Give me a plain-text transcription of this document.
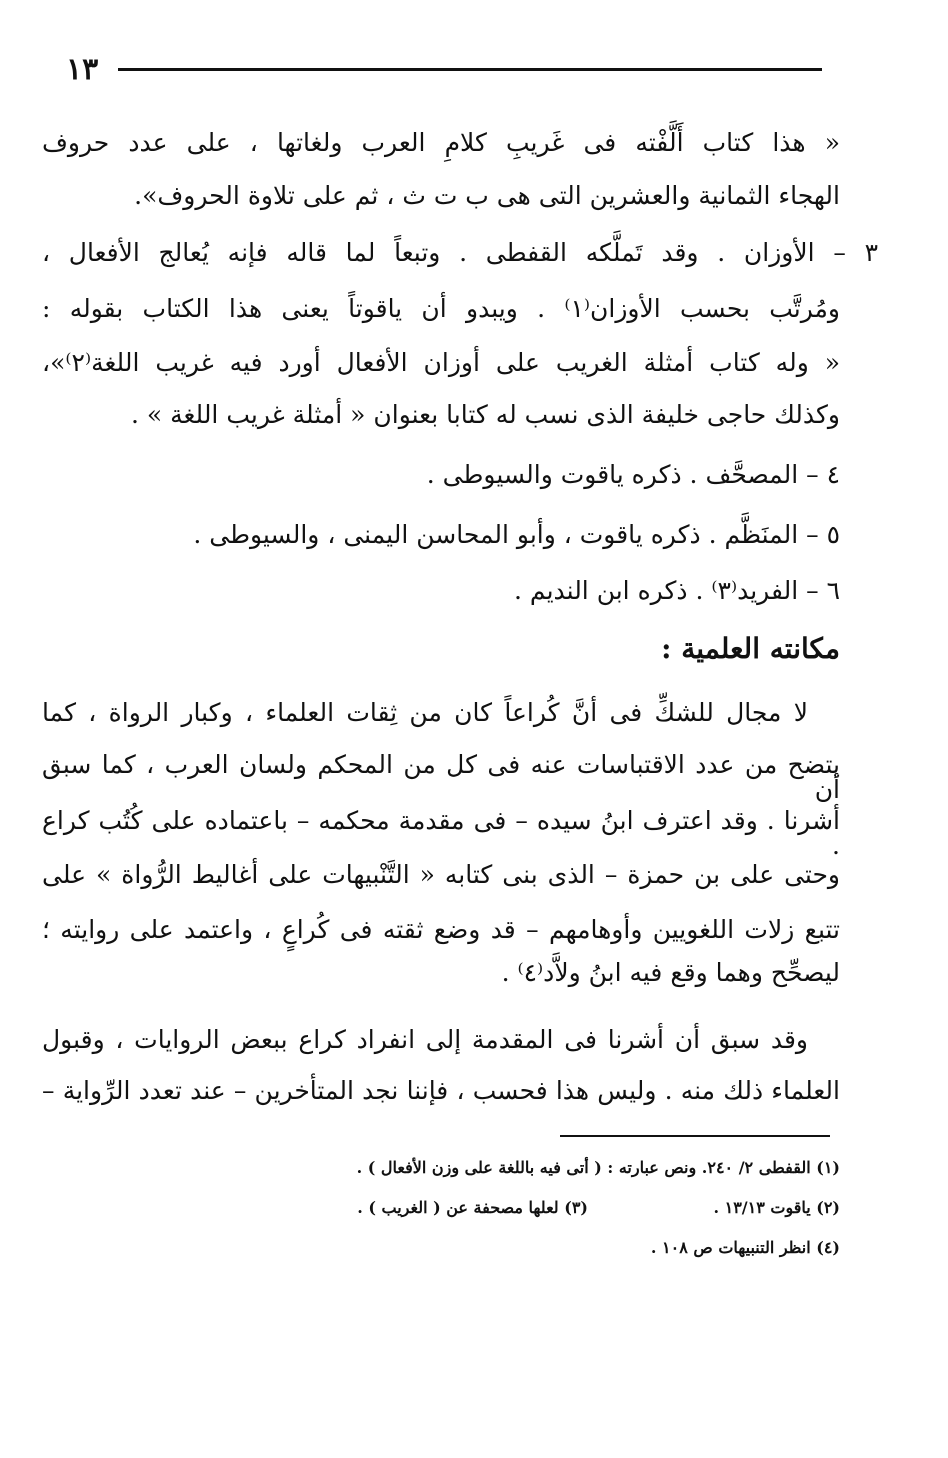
١٣
« هذا كتاب أَلَّفْته فى غَريبِ كلامِ العرب ولغاتها ، على عدد حروف
الهجاء الثمانية والعشرين التى هى ب ت ث ، ثم على تلاوة الحروف».
٣ – الأوزان . وقد تَملَّكه القفطى . وتبعاً لما قاله فإنه يُعالج الأفعال ،
ومُرتَّب بحسب الأوزان⁽١⁾ . ويبدو أن ياقوتاً يعنى هذا الكتاب بقوله :
« وله كتاب أمثلة الغريب على أوزان الأفعال أورد فيه غريب اللغة⁽٢⁾»،
وكذلك حاجى خليفة الذى نسب له كتابا بعنوان « أمثلة غريب اللغة » .
٤ – المصحَّف . ذكره ياقوت والسيوطى .
٥ – المنَظَّم . ذكره ياقوت ، وأبو المحاسن اليمنى ، والسيوطى .
٦ – الفريد⁽٣⁾ . ذكره ابن النديم .
مكانته العلمية :
لا مجال للشكِّ فى أنَّ كُراعاً كان من ثِقات العلماء ، وكبار الرواة ، كما
يتضح من عدد الاقتباسات عنه فى كل من المحكم ولسان العرب ، كما سبق أن
أشرنا . وقد اعترف ابنُ سيده – فى مقدمة محكمه – باعتماده على كُتُب كراع .
وحتى على بن حمزة – الذى بنى كتابه « التَّنْبيهات على أغاليط الرُّواة » على
تتبع زلات اللغويين وأوهامهم – قد وضع ثقته فى كُراعٍ ، واعتمد على روايته ؛
ليصحِّح وهما وقع فيه ابنُ ولاَّد⁽٤⁾ .
وقد سبق أن أشرنا فى المقدمة إلى انفراد كراع ببعض الروايات ، وقبول
العلماء ذلك منه . وليس هذا فحسب ، فإننا نجد المتأخرين – عند تعدد الرِّواية –
(١) القفطى ٢/ ٢٤٠. ونص عبارته : ( أتى فيه باللغة على وزن الأفعال ) .
(٢) ياقوت ١٣/١٣ .
(٣) لعلها مصحفة عن ( الغريب ) .
(٤) انظر التنبيهات ص ١٠٨ .
